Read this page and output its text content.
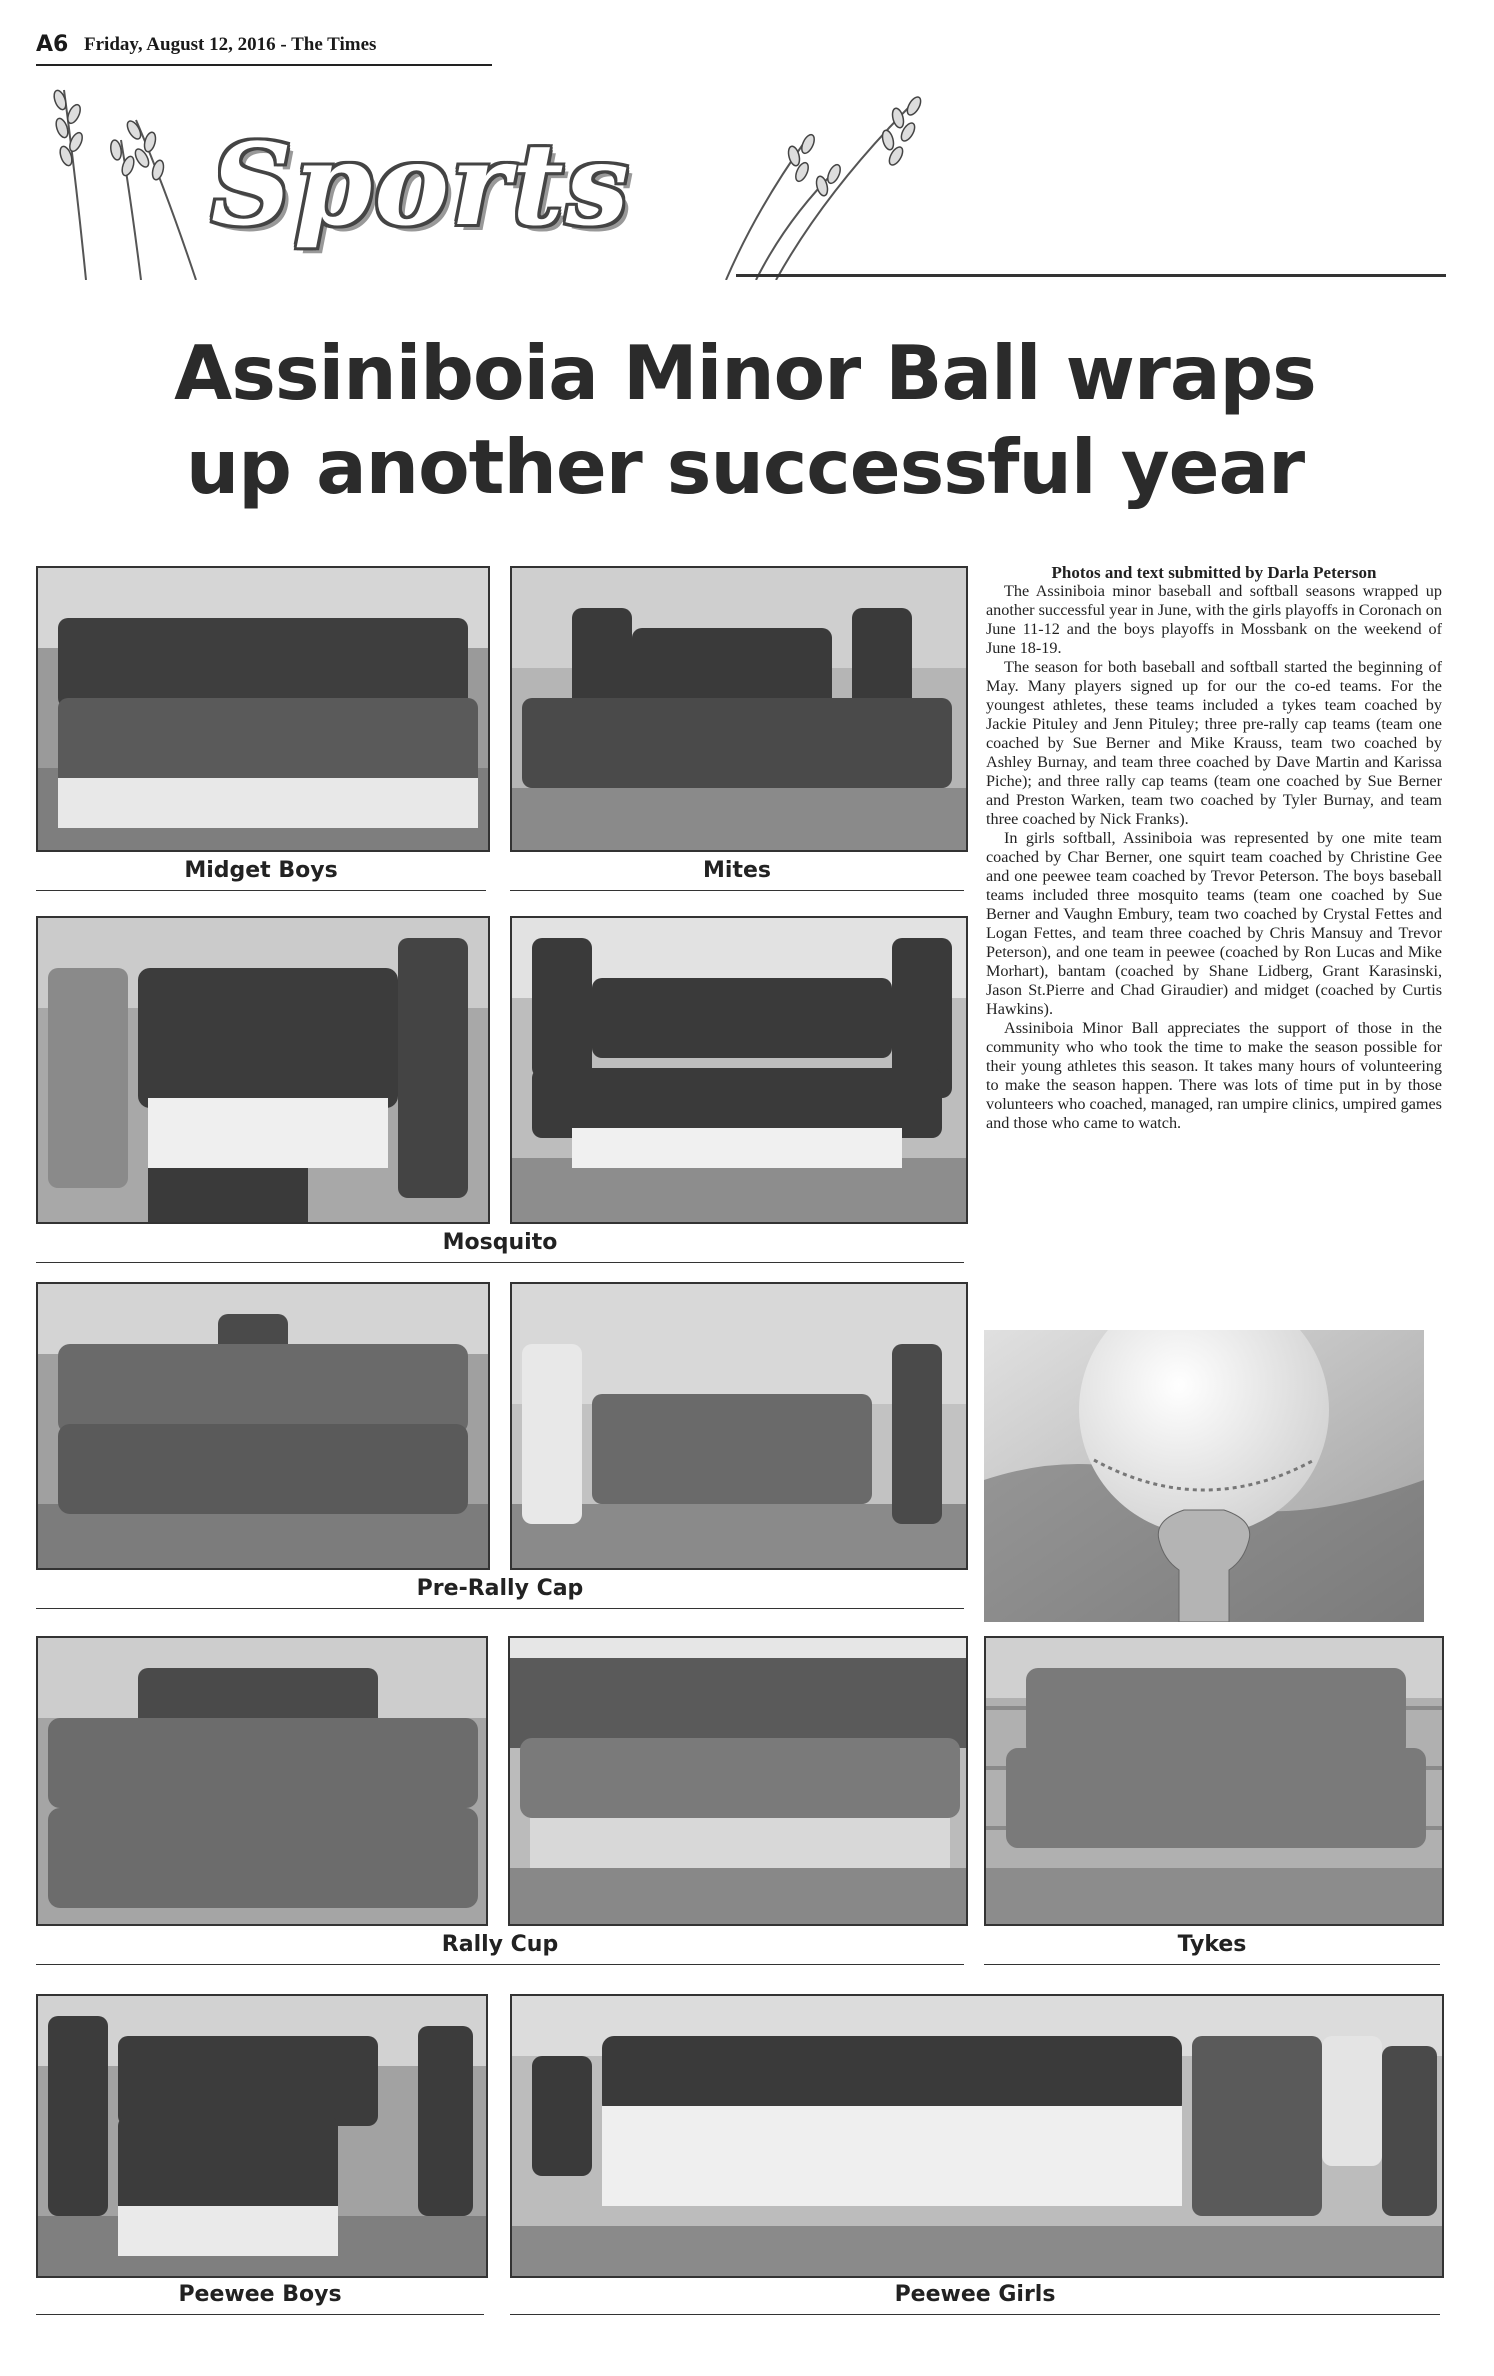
A6 Friday, August 12, 2016 - The Times
Sports
Assiniboia Minor Ball wraps
up another successful year
Midget Boys	Mites
Mosquito
Pre-Rally Cap
Rally Cup	Tykes
Peewee Boys	Peewee Girls
Photos and text submitted by Darla Peterson

The Assiniboia minor baseball and softball seasons wrapped up another successful year in June, with the girls playoffs in Coronach on June 11-12 and the boys playoffs in Mossbank on the weekend of June 18-19.

The season for both baseball and softball started the beginning of May. Many players signed up for our the co-ed teams. For the youngest athletes, these teams included a tykes team coached by Jackie Pituley and Jenn Pituley; three pre-rally cap teams (team one coached by Sue Berner and Mike Krauss, team two coached by Ashley Burnay, and team three coached by Dave Martin and Karissa Piche); and three rally cap teams (team one coached by Sue Berner and Preston Warken, team two coached by Tyler Burnay, and team three coached by Nick Franks).

In girls softball, Assiniboia was represented by one mite team coached by Char Berner, one squirt team coached by Christine Gee and one peewee team coached by Trevor Peterson. The boys baseball teams included three mosquito teams (team one coached by Sue Berner and Vaughn Embury, team two coached by Crystal Fettes and Logan Fettes, and team three coached by Chris Mansuy and Trevor Peterson), and one team in peewee (coached by Ron Lucas and Mike Morhart), bantam (coached by Shane Lidberg, Grant Karasinski, Jason St.Pierre and Chad Giraudier) and midget (coached by Curtis Hawkins).

Assiniboia Minor Ball appreciates the support of those in the community who who took the time to make the season possible for their young athletes this season. It takes many hours of volunteering to make the season happen. There was lots of time put in by those volunteers who coached, managed, ran umpire clinics, umpired games and those who came to watch.
